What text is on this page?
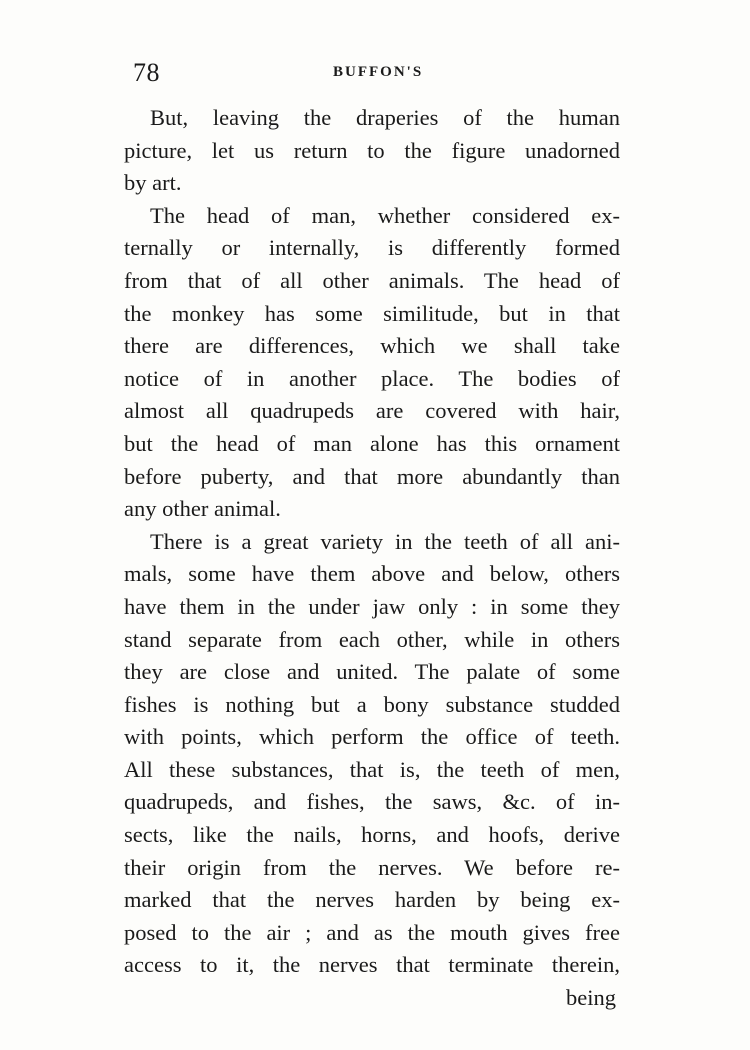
78	BUFFON'S
But, leaving the draperies of the human
picture, let us return to the figure unadorned
by art.
The head of man, whether considered ex-
ternally or internally, is differently formed
from that of all other animals. The head of
the monkey has some similitude, but in that
there are differences, which we shall take
notice of in another place. The bodies of
almost all quadrupeds are covered with hair,
but the head of man alone has this ornament
before puberty, and that more abundantly than
any other animal.
There is a great variety in the teeth of all ani-
mals, some have them above and below, others
have them in the under jaw only : in some they
stand separate from each other, while in others
they are close and united. The palate of some
fishes is nothing but a bony substance studded
with points, which perform the office of teeth.
All these substances, that is, the teeth of men,
quadrupeds, and fishes, the saws, &c. of in-
sects, like the nails, horns, and hoofs, derive
their origin from the nerves. We before re-
marked that the nerves harden by being ex-
posed to the air ; and as the mouth gives free
access to it, the nerves that terminate therein,
being
